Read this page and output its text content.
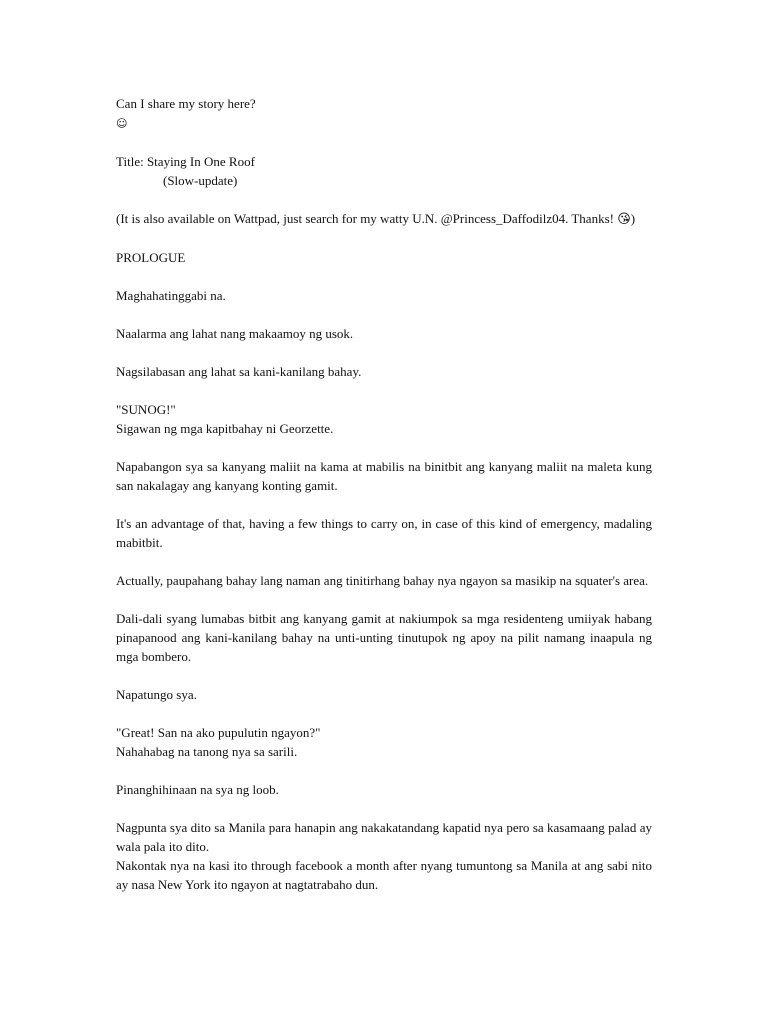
Can I share my story here?
☺
Title: Staying In One Roof
(Slow-update)

(It is also available on Wattpad, just search for my watty U.N. @Princess_Daffodilz04. Thanks! 😘)

PROLOGUE

Maghahatinggabi na.

Naalarma ang lahat nang makaamoy ng usok.

Nagsilabasan ang lahat sa kani-kanilang bahay.

"SUNOG!"

Sigawan ng mga kapitbahay ni Georzette.

Napabangon sya sa kanyang maliit na kama at mabilis na binitbit ang kanyang maliit na maleta kung san nakalagay ang kanyang konting gamit.

It's an advantage of that, having a few things to carry on, in case of this kind of emergency, madaling mabitbit.

Actually, paupahang bahay lang naman ang tinitirhang bahay nya ngayon sa masikip na squater's area.

Dali-dali syang lumabas bitbit ang kanyang gamit at nakiumpok sa mga residenteng umiiyak habang pinapanood ang kani-kanilang bahay na unti-unting tinutupok ng apoy na pilit namang inaapula ng mga bombero.

Napatungo sya.

"Great! San na ako pupulutin ngayon?"

Nahahabag na tanong nya sa sarili.

Pinanghihinaan na sya ng loob.

Nagpunta sya dito sa Manila para hanapin ang nakakatandang kapatid nya pero sa kasamaang palad ay wala pala ito dito.

Nakontak nya na kasi ito through facebook a month after nyang tumuntong sa Manila at ang sabi nito ay nasa New York ito ngayon at nagtatrabaho dun.
